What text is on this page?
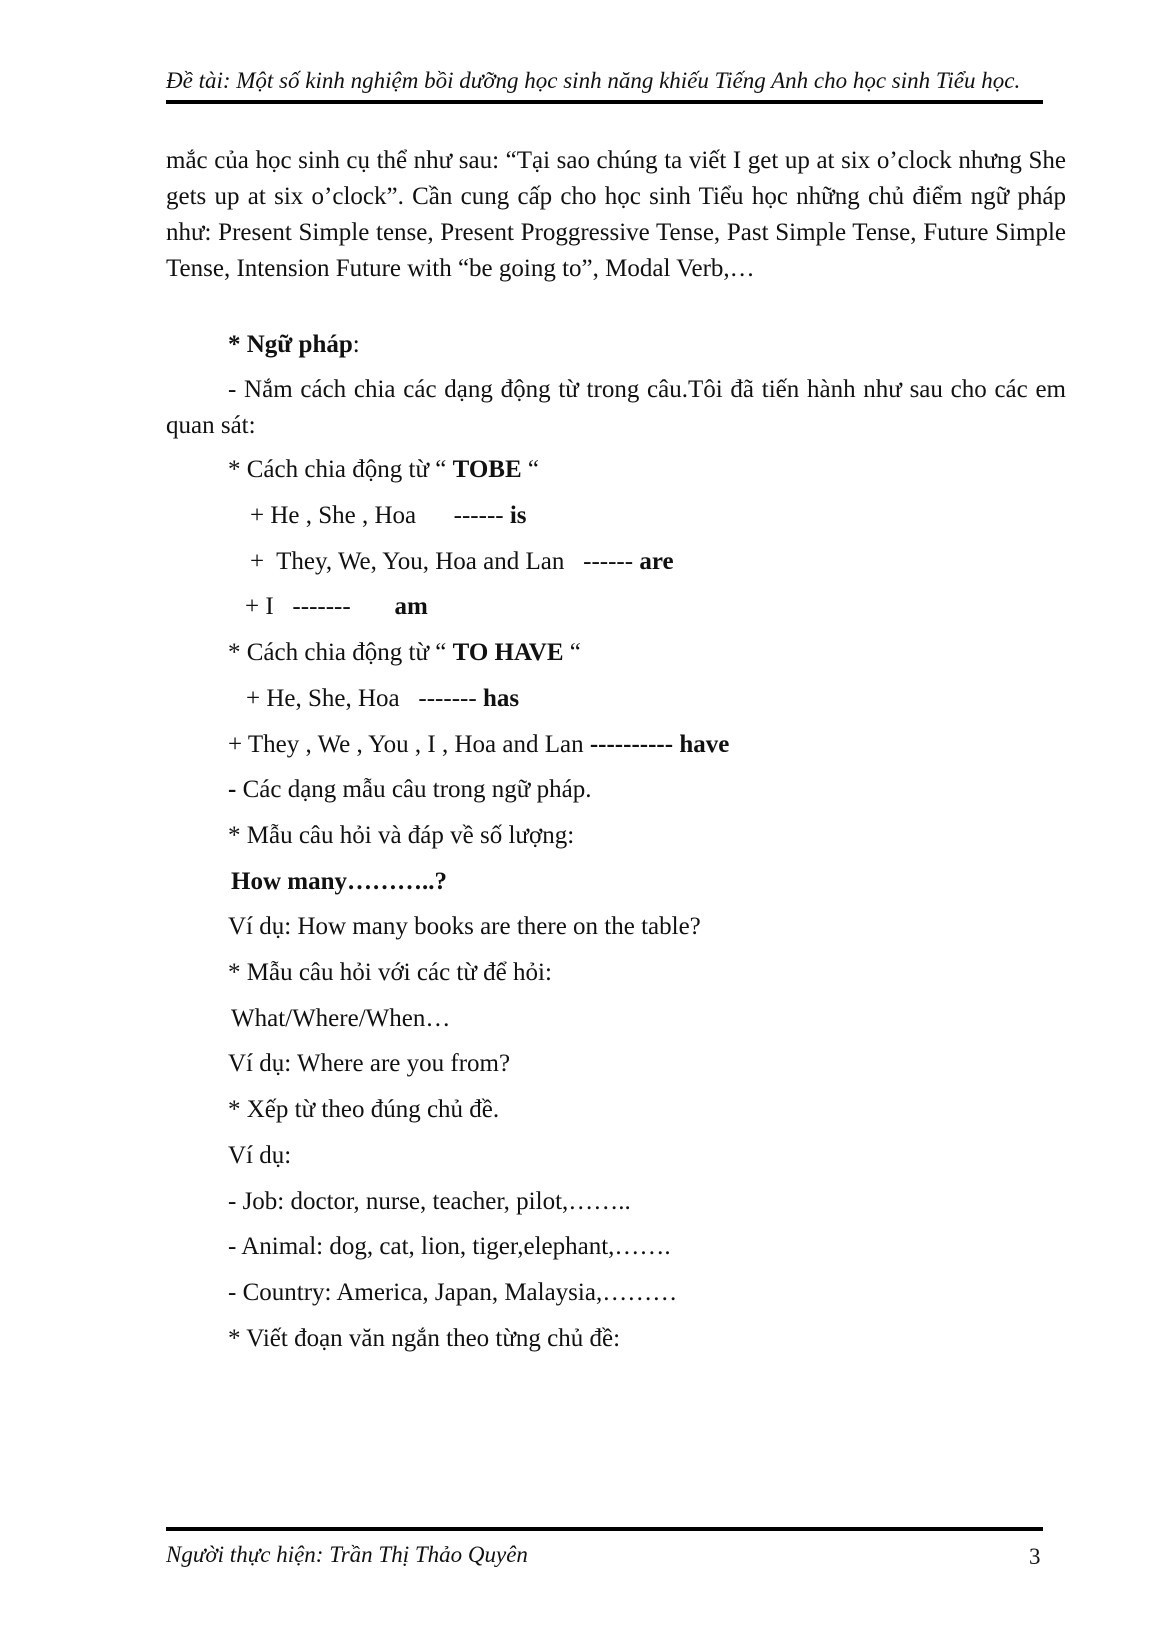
Đề tài: Một số kinh nghiệm bồi dưỡng học sinh năng khiếu Tiếng Anh cho học sinh Tiểu học.
mắc của học sinh cụ thể như sau: “Tại sao chúng ta viết I get up at six o’clock nhưng She gets up at six o’clock”. Cần cung cấp cho học sinh Tiểu học những chủ điểm ngữ pháp như: Present Simple tense, Present Proggressive Tense, Past Simple Tense, Future Simple Tense, Intension Future with “be going to”, Modal Verb,…
* Ngữ pháp:
- Nắm cách chia các dạng động từ trong câu.Tôi đã tiến hành như sau cho các em quan sát:
* Cách chia động từ “ TOBE “
+ He , She , Hoa      ------ is
+  They, We, You, Hoa and Lan   ------ are
+ I   -------       am
* Cách chia động từ “ TO HAVE “
+ He, She, Hoa   ------- has
+ They , We , You , I , Hoa and Lan ---------- have
- Các dạng mẫu câu trong ngữ pháp.
* Mẫu câu hỏi và đáp về số lượng:
How many………..?
Ví dụ: How many books are there on the table?
* Mẫu câu hỏi với các từ để hỏi:
What/Where/When…
Ví dụ: Where are you from?
* Xếp từ theo đúng chủ đề.
Ví dụ:
- Job: doctor, nurse, teacher, pilot,……..
- Animal: dog, cat, lion, tiger,elephant,…….
- Country: America, Japan, Malaysia,………
* Viết đoạn văn ngắn theo từng chủ đề:
Người thực hiện: Trần Thị Thảo Quyên	3
